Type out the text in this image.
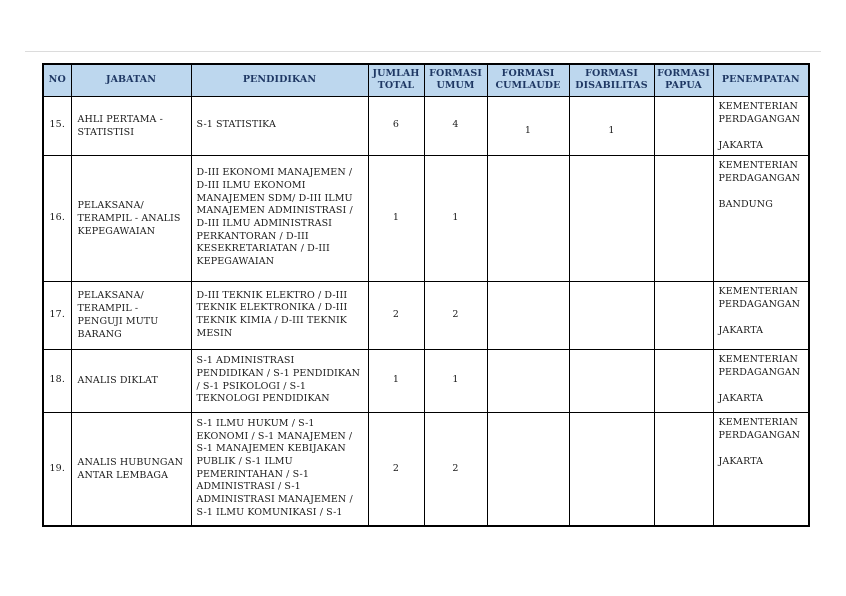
NO	JABATAN	PENDIDIKAN	JUMLAH TOTAL	FORMASI UMUM	FORMASI CUMLAUDE	FORMASI DISABILITAS	FORMASI PAPUA	PENEMPATAN
15.	AHLI PERTAMA - STATISTISI	S-1 STATISTIKA	6	4	1	1		KEMENTERIAN PERDAGANGAN
JAKARTA

16.	PELAKSANA/ TERAMPIL - ANALIS KEPEGAWAIAN	D-III EKONOMI MANAJEMEN / D-III ILMU EKONOMI MANAJEMEN SDM/ D-III ILMU MANAJEMEN ADMINISTRASI / D-III ILMU ADMINISTRASI PERKANTORAN / D-III KESEKRETARIATAN / D-III KEPEGAWAIAN	1	1				KEMENTERIAN PERDAGANGAN
BANDUNG

17.	PELAKSANA/ TERAMPIL - PENGUJI MUTU BARANG	D-III TEKNIK ELEKTRO / D-III TEKNIK ELEKTRONIKA / D-III TEKNIK KIMIA / D-III TEKNIK MESIN	2	2				KEMENTERIAN PERDAGANGAN
JAKARTA

18.	ANALIS DIKLAT	S-1 ADMINISTRASI PENDIDIKAN / S-1 PENDIDIKAN / S-1 PSIKOLOGI / S-1 TEKNOLOGI PENDIDIKAN	1	1				KEMENTERIAN PERDAGANGAN
JAKARTA

19.	ANALIS HUBUNGAN ANTAR LEMBAGA	S-1 ILMU HUKUM / S-1 EKONOMI / S-1 MANAJEMEN / S-1 MANAJEMEN KEBIJAKAN PUBLIK / S-1 ILMU PEMERINTAHAN / S-1 ADMINISTRASI / S-1 ADMINISTRASI MANAJEMEN / S-1 ILMU KOMUNIKASI / S-1	2	2				KEMENTERIAN PERDAGANGAN
JAKARTA
